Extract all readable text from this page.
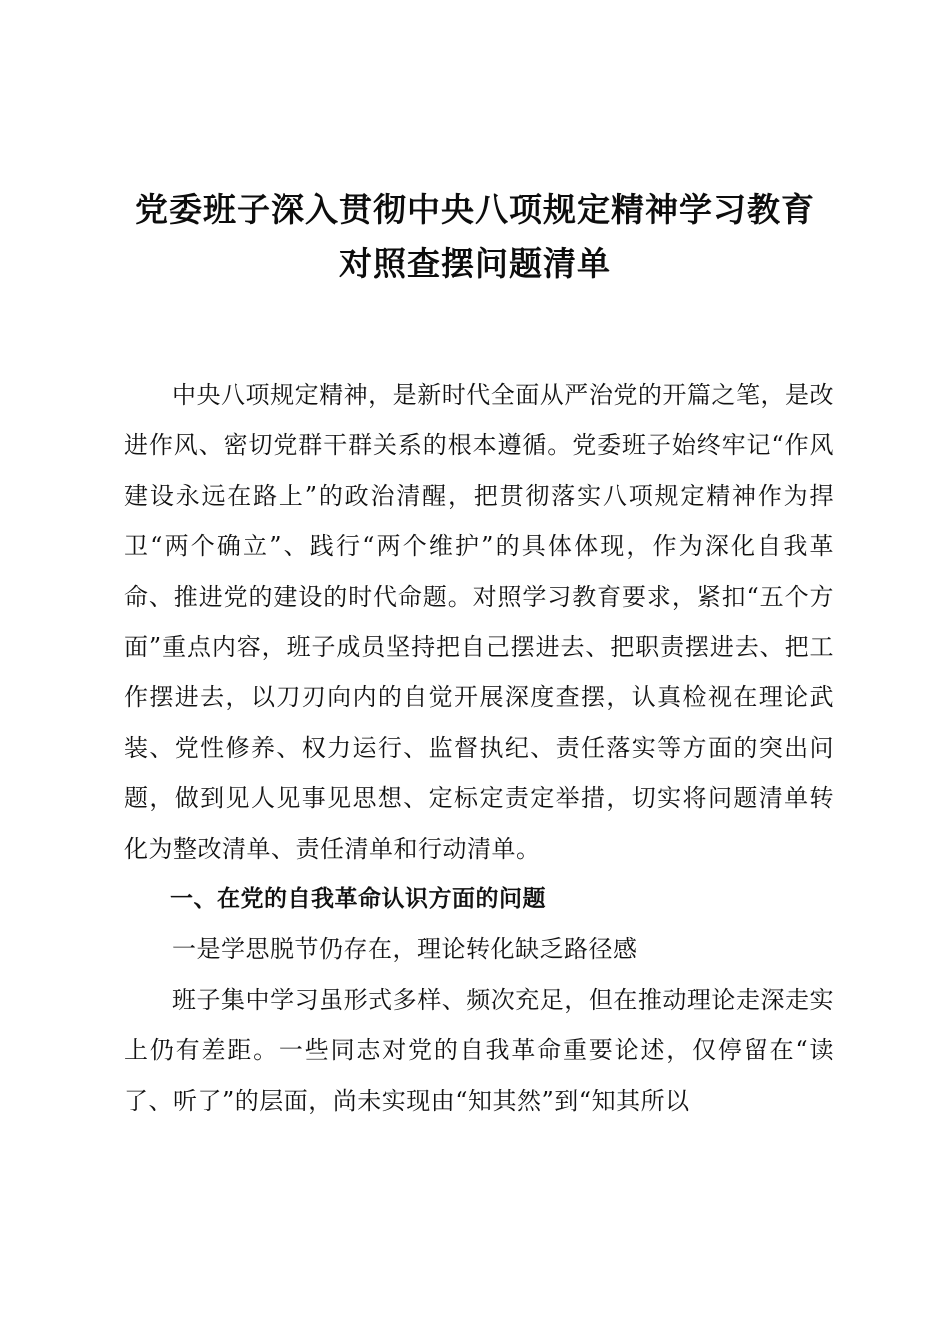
党委班子深入贯彻中央八项规定精神学习教育
对照查摆问题清单

中央八项规定精神，是新时代全面从严治党的开篇之笔，是改进作风、密切党群干群关系的根本遵循。党委班子始终牢记“作风建设永远在路上”的政治清醒，把贯彻落实八项规定精神作为捍卫“两个确立”、践行“两个维护”的具体体现，作为深化自我革命、推进党的建设的时代命题。对照学习教育要求，紧扣“五个方面”重点内容，班子成员坚持把自己摆进去、把职责摆进去、把工作摆进去，以刀刃向内的自觉开展深度查摆，认真检视在理论武装、党性修养、权力运行、监督执纪、责任落实等方面的突出问题，做到见人见事见思想、定标定责定举措，切实将问题清单转化为整改清单、责任清单和行动清单。

一、在党的自我革命认识方面的问题

一是学思脱节仍存在，理论转化缺乏路径感

班子集中学习虽形式多样、频次充足，但在推动理论走深走实上仍有差距。一些同志对党的自我革命重要论述，仅停留在“读了、听了”的层面，尚未实现由“知其然”到“知其所以
